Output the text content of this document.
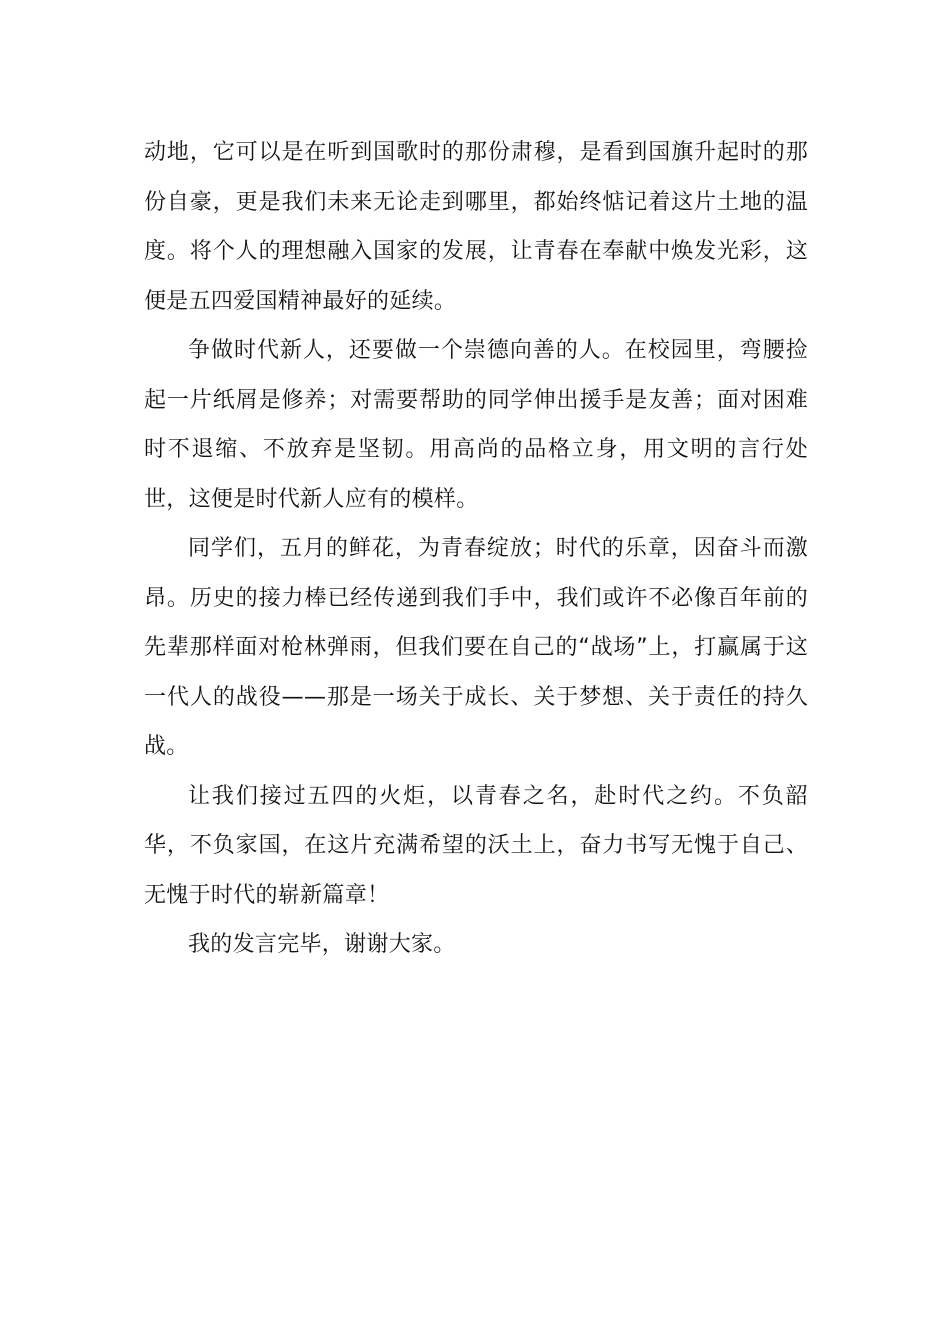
动地，它可以是在听到国歌时的那份肃穆，是看到国旗升起时的那份自豪，更是我们未来无论走到哪里，都始终惦记着这片土地的温度。将个人的理想融入国家的发展，让青春在奉献中焕发光彩，这便是五四爱国精神最好的延续。

争做时代新人，还要做一个崇德向善的人。在校园里，弯腰捡起一片纸屑是修养；对需要帮助的同学伸出援手是友善；面对困难时不退缩、不放弃是坚韧。用高尚的品格立身，用文明的言行处世，这便是时代新人应有的模样。

同学们，五月的鲜花，为青春绽放；时代的乐章，因奋斗而激昂。历史的接力棒已经传递到我们手中，我们或许不必像百年前的先辈那样面对枪林弹雨，但我们要在自己的“战场”上，打赢属于这一代人的战役——那是一场关于成长、关于梦想、关于责任的持久战。

让我们接过五四的火炬，以青春之名，赴时代之约。不负韶华，不负家国，在这片充满希望的沃土上，奋力书写无愧于自己、无愧于时代的崭新篇章！

我的发言完毕，谢谢大家。
